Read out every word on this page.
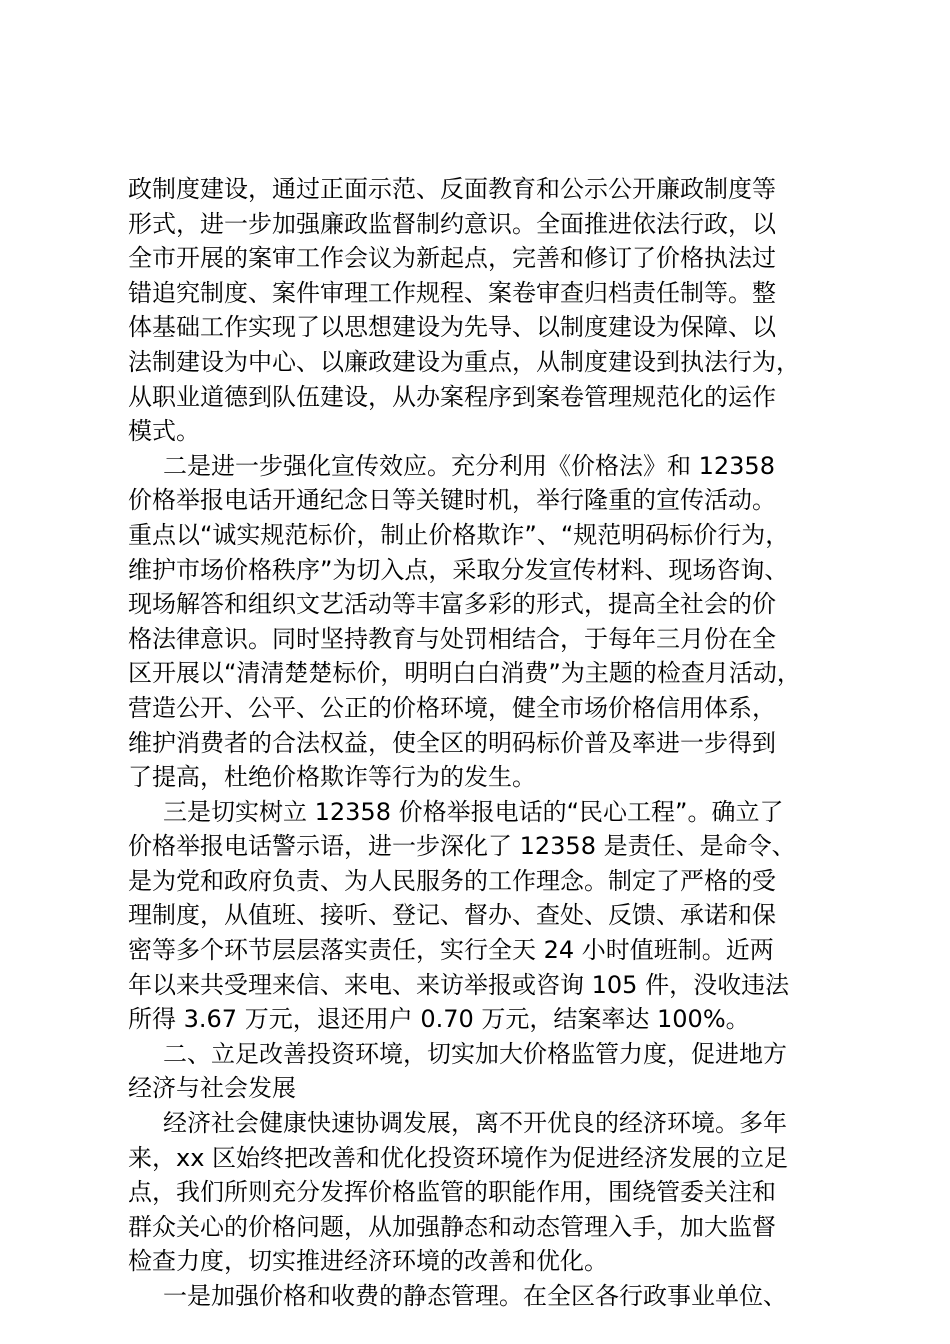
政制度建设，通过正面示范、反面教育和公示公开廉政制度等
形式，进一步加强廉政监督制约意识。全面推进依法行政，以
全市开展的案审工作会议为新起点，完善和修订了价格执法过
错追究制度、案件审理工作规程、案卷审查归档责任制等。整
体基础工作实现了以思想建设为先导、以制度建设为保障、以
法制建设为中心、以廉政建设为重点，从制度建设到执法行为，
从职业道德到队伍建设，从办案程序到案卷管理规范化的运作
模式。
二是进一步强化宣传效应。充分利用《价格法》和 12358
价格举报电话开通纪念日等关键时机，举行隆重的宣传活动。
重点以“诚实规范标价，制止价格欺诈”、“规范明码标价行为，
维护市场价格秩序”为切入点，采取分发宣传材料、现场咨询、
现场解答和组织文艺活动等丰富多彩的形式，提高全社会的价
格法律意识。同时坚持教育与处罚相结合，于每年三月份在全
区开展以“清清楚楚标价，明明白白消费”为主题的检查月活动，
营造公开、公平、公正的价格环境，健全市场价格信用体系，
维护消费者的合法权益，使全区的明码标价普及率进一步得到
了提高，杜绝价格欺诈等行为的发生。
三是切实树立 12358 价格举报电话的“民心工程”。确立了
价格举报电话警示语，进一步深化了 12358 是责任、是命令、
是为党和政府负责、为人民服务的工作理念。制定了严格的受
理制度，从值班、接听、登记、督办、查处、反馈、承诺和保
密等多个环节层层落实责任，实行全天 24 小时值班制。近两
年以来共受理来信、来电、来访举报或咨询 105 件，没收违法
所得 3.67 万元，退还用户 0.70 万元，结案率达 100%。
二、立足改善投资环境，切实加大价格监管力度，促进地方
经济与社会发展
经济社会健康快速协调发展，离不开优良的经济环境。多年
来，xx 区始终把改善和优化投资环境作为促进经济发展的立足
点，我们所则充分发挥价格监管的职能作用，围绕管委关注和
群众关心的价格问题，从加强静态和动态管理入手，加大监督
检查力度，切实推进经济环境的改善和优化。
一是加强价格和收费的静态管理。在全区各行政事业单位、
